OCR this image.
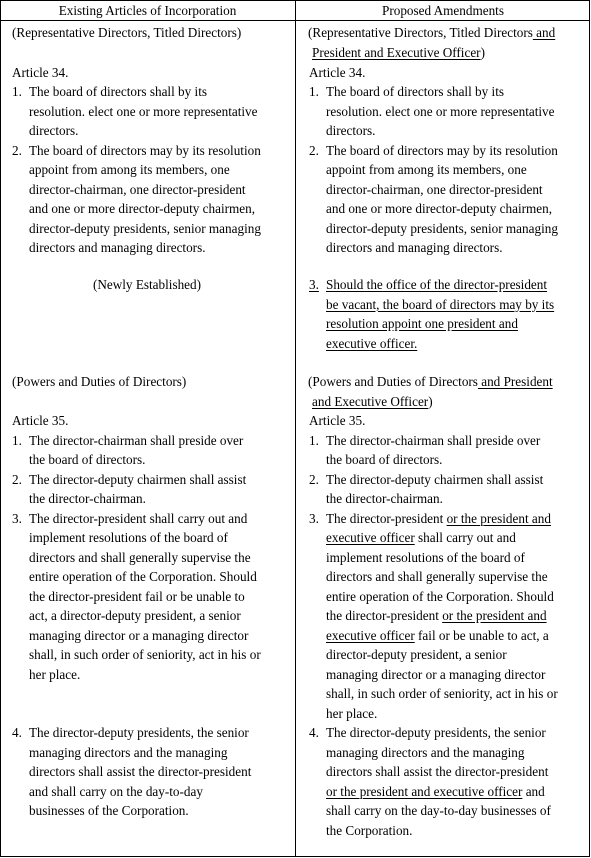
Existing Articles of Incorporation	Proposed Amendments
(Representative Directors, Titled Directors)
Article 34.
1. The board of directors shall by its
resolution. elect one or more representative
directors.
2. The board of directors may by its resolution
appoint from among its members, one
director-chairman, one director-president
and one or more director-deputy chairmen,
director-deputy presidents, senior managing
directors and managing directors.
(Newly Established)
(Powers and Duties of Directors)
Article 35.
1. The director-chairman shall preside over
the board of directors.
2. The director-deputy chairmen shall assist
the director-chairman.
3. The director-president shall carry out and
implement resolutions of the board of
directors and shall generally supervise the
entire operation of the Corporation. Should
the director-president fail or be unable to
act, a director-deputy president, a senior
managing director or a managing director
shall, in such order of seniority, act in his or
her place.
4. The director-deputy presidents, the senior
managing directors and the managing
directors shall assist the director-president
and shall carry on the day-to-day
businesses of the Corporation.
(Representative Directors, Titled Directors and
President and Executive Officer)
Article 34.
1. The board of directors shall by its
resolution. elect one or more representative
directors.
2. The board of directors may by its resolution
appoint from among its members, one
director-chairman, one director-president
and one or more director-deputy chairmen,
director-deputy presidents, senior managing
directors and managing directors.
3. Should the office of the director-president
be vacant, the board of directors may by its
resolution appoint one president and
executive officer.
(Powers and Duties of Directors and President
and Executive Officer)
Article 35.
1. The director-chairman shall preside over
the board of directors.
2. The director-deputy chairmen shall assist
the director-chairman.
3. The director-president or the president and
executive officer shall carry out and
implement resolutions of the board of
directors and shall generally supervise the
entire operation of the Corporation. Should
the director-president or the president and
executive officer fail or be unable to act, a
director-deputy president, a senior
managing director or a managing director
shall, in such order of seniority, act in his or
her place.
4. The director-deputy presidents, the senior
managing directors and the managing
directors shall assist the director-president
or the president and executive officer and
shall carry on the day-to-day businesses of
the Corporation.
